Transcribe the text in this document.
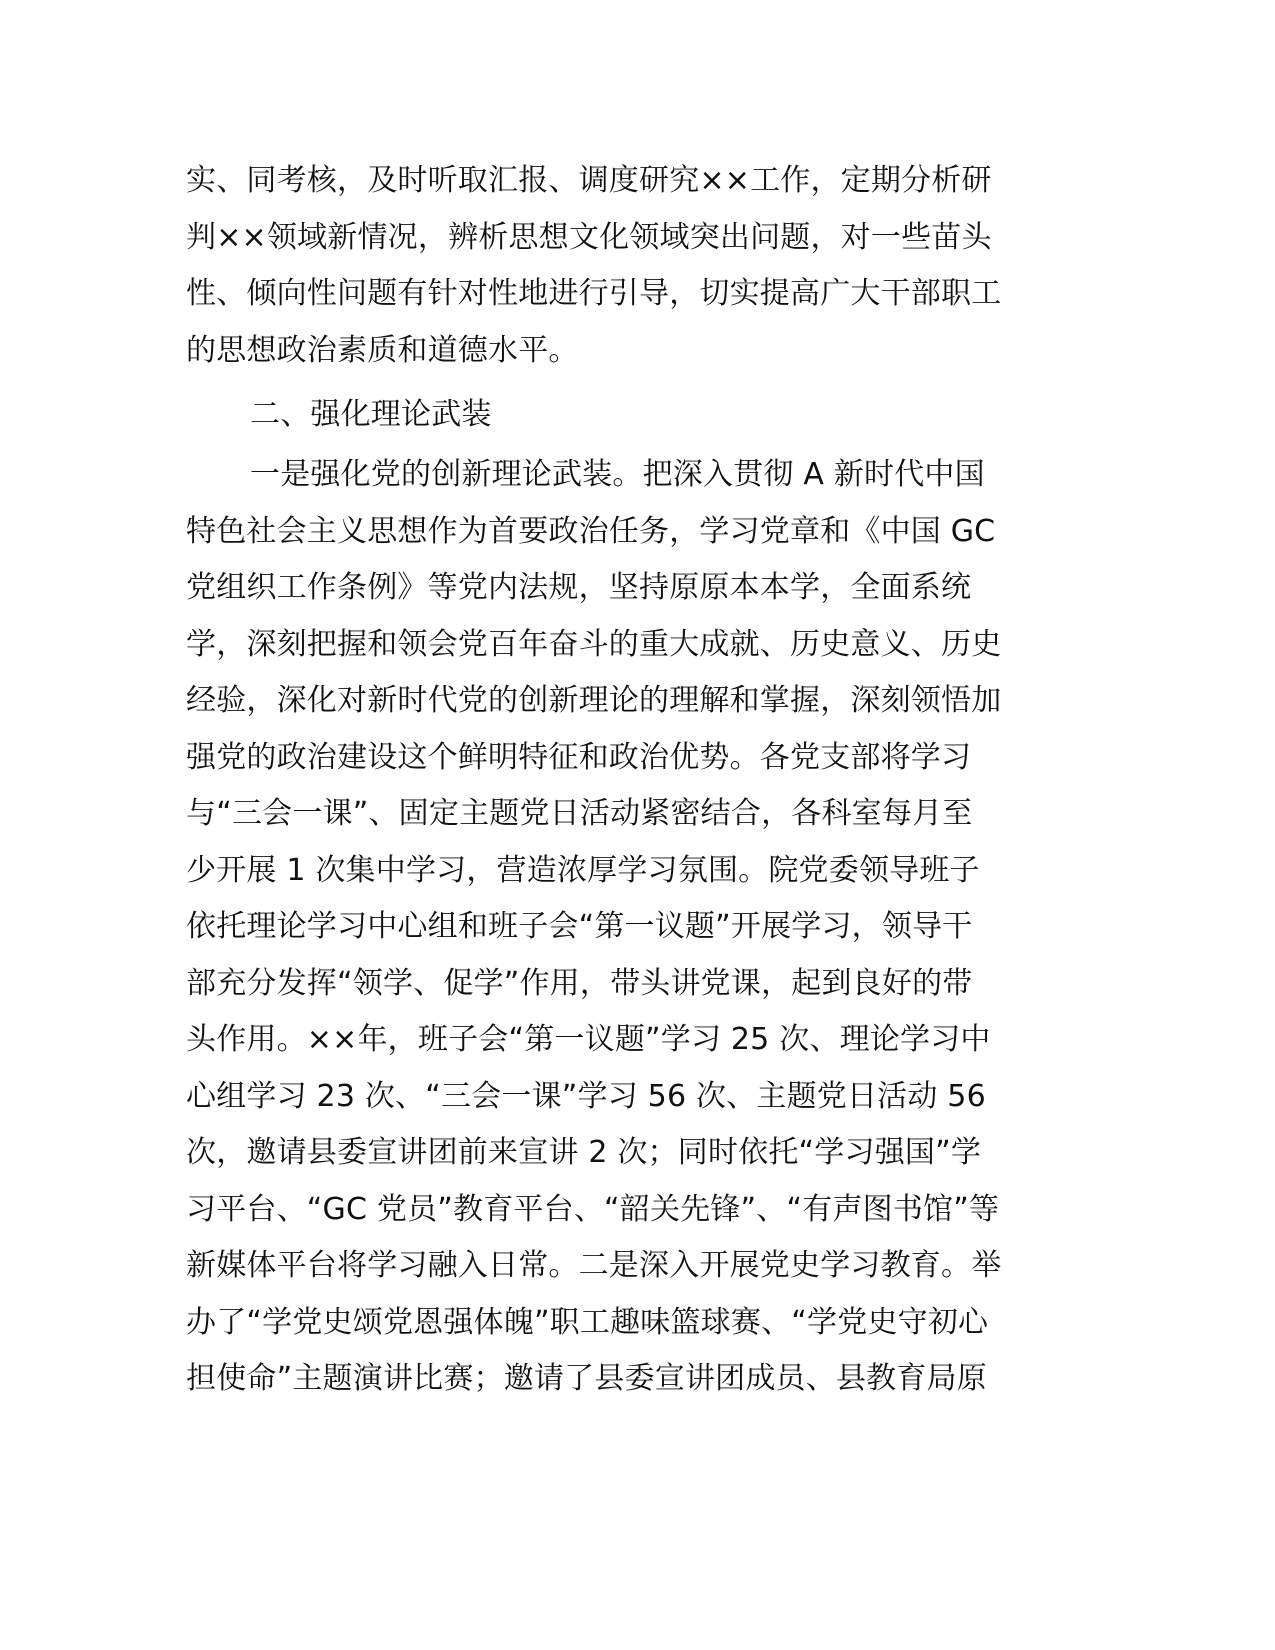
实、同考核，及时听取汇报、调度研究××工作，定期分析研
判××领域新情况，辨析思想文化领域突出问题，对一些苗头
性、倾向性问题有针对性地进行引导，切实提高广大干部职工
的思想政治素质和道德水平。
二、强化理论武装
一是强化党的创新理论武装。把深入贯彻 A 新时代中国
特色社会主义思想作为首要政治任务，学习党章和《中国 GC
党组织工作条例》等党内法规，坚持原原本本学，全面系统
学，深刻把握和领会党百年奋斗的重大成就、历史意义、历史
经验，深化对新时代党的创新理论的理解和掌握，深刻领悟加
强党的政治建设这个鲜明特征和政治优势。各党支部将学习
与“三会一课”、固定主题党日活动紧密结合，各科室每月至
少开展 1 次集中学习，营造浓厚学习氛围。院党委领导班子
依托理论学习中心组和班子会“第一议题”开展学习，领导干
部充分发挥“领学、促学”作用，带头讲党课，起到良好的带
头作用。××年，班子会“第一议题”学习 25 次、理论学习中
心组学习 23 次、“三会一课”学习 56 次、主题党日活动 56
次，邀请县委宣讲团前来宣讲 2 次；同时依托“学习强国”学
习平台、“GC 党员”教育平台、“韶关先锋”、“有声图书馆”等
新媒体平台将学习融入日常。二是深入开展党史学习教育。举
办了“学党史颂党恩强体魄”职工趣味篮球赛、“学党史守初心
担使命”主题演讲比赛；邀请了县委宣讲团成员、县教育局原
